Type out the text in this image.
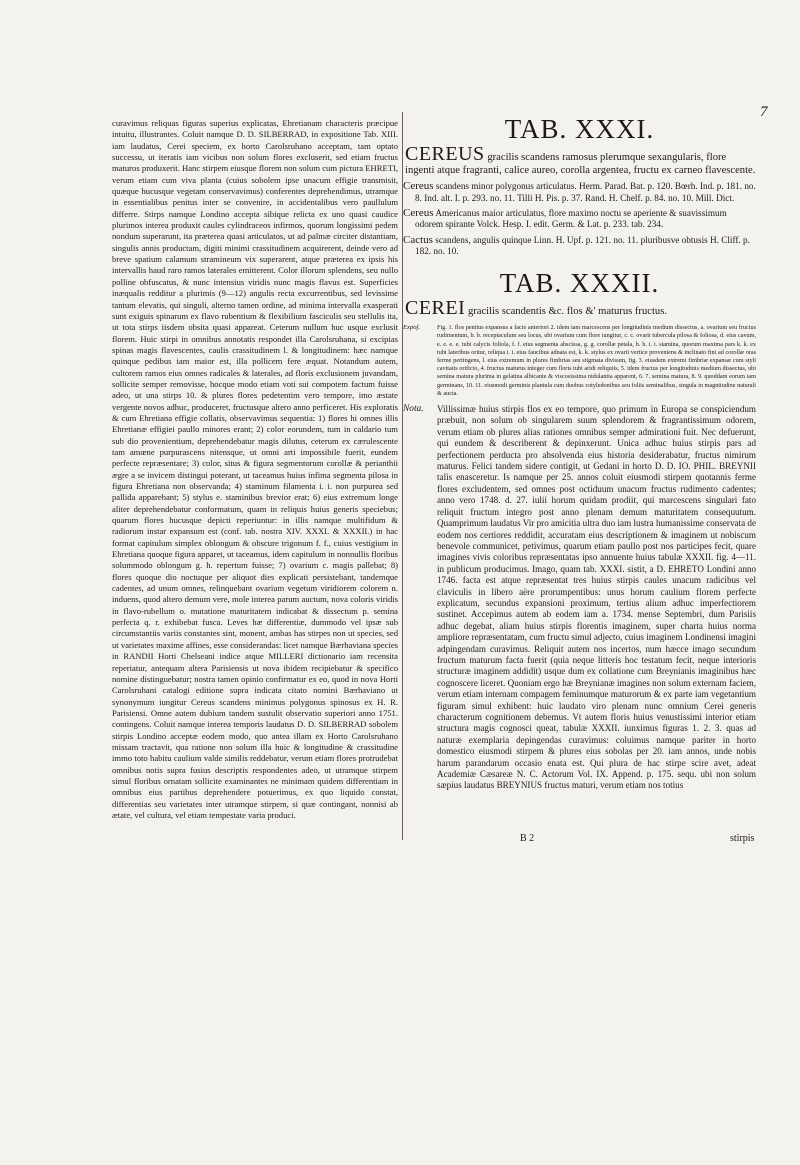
7

curavimus reliquas figuras superius explicatas, Ehretianam characteris præcipue intuitu, illustrantes. Coluit namque D. D. SILBERRAD, in expositione Tab. XIII. iam laudatus, Cerei speciem, ex horto Carolsruhano acceptam, tam optato successu, ut iteratis iam vicibus non solum flores excluserit, sed etiam fructus maturos produxerit. Hanc stirpem eiusque florem non solum cum pictura EHRETI, verum etiam cum viva planta (cuius sobolem ipse unacum effigie transmisit, quæque hucusque vegetam conservavimus) conferentes deprehendimus, utramque in essentialibus penitus inter se convenire, in accidentalibus vero paullulum differre. Stirps namque Londino accepta sibique relicta ex uno quasi caudice plurimos interea produxit caules cylindraceos infirmos, quorum longissimi pedem nondum superarunt, ita præterea quasi articulatos, ut ad palmæ circiter distantiam, singulis annis productam, digiti minimi crassitudinem acquirerent, deinde vero ad breve spatium calamum stramineum vix superarent, atque præterea ex ipsis his intervallis haud raro ramos laterales emitterent. Color illorum splendens, seu nullo polline obfuscatus, & nunc intensius viridis nunc magis flavus est. Superficies inæqualis redditur a plurimis (9—12) angulis recta excurrentibus, sed levissime tantum elevatis, qui singuli, alterno tamen ordine, ad minima intervalla exasperati sunt exiguis spinarum ex flavo rubentium & flexibilium fasciculis seu stellulis ita, ut tota stirps iisdem obsita quasi appareat. Ceterum nullum huc usque exclusit florem. Huic stirpi in omnibus annotatis respondet illa Carolsruhana, si excipias spinas magis flavescentes, caulis crassitudinem l. & longitudinem: hæc namque quinque pedibus iam maior est, illa pollicem fere æquat. Notandum autem, cultorem ramos eius omnes radicales & laterales, ad floris exclusionem juvandam, sollicite semper removisse, hocque modo etiam voti sui compotem factum fuisse adeo, ut una stirps 10. & plures flores pedetentim vero tempore, imo æstate vergente novos adhuc, produceret, fructusque altero anno perficeret. His exploratis & cum Ehretiana effigie collatis, observavimus sequentia: 1) flores hi omnes illis Ehretianæ effigiei paullo minores erant; 2) color eorundem, tum in caldario tum sub dio provenientium, deprehendebatur magis dilutus, ceterum ex cærulescente tam amœne purpurascens nitensque, ut omni arti impossibile fuerit, eundem perfecte repræsentare; 3) color, situs & figura segmentorum corollæ & perianthii ægre a se invicem distingui poterant, ut taceamus huius infima segmenta pilosa in figura Ehretiana non observanda; 4) staminum filamenta i. i. non purpurea sed pallida apparebant; 5) stylus e. staminibus brevior erat; 6) eius extremum longe aliter deprehendebatur conformatum, quam in reliquis huius generis speciebus; quarum flores hucusque depicti reperiuntur: in illis namque multifidum & radiorum instar expansum est (conf. tab. nostra XIV. XXXI. & XXXII.) in hac format capitulum simplex oblongum & obscure trigonum f. f., cuius vestigium in Ehretiana quoque figura apparet, ut taceamus, idem capitulum in nonnullis floribus solummodo oblongum g. h. repertum fuisse; 7) ovarium c. magis pallebat; 8) flores quoque dio noctuque per aliquot dies explicati persistebant, tandemque cadentes, ad unum omnes, relinquebant ovarium vegetum viridiorem colorem n. induens, quod altero demum vere, mole interea parum auctum, nova coloris viridis in flavo-rubellum o. mutatione maturitatem indicabat & dissectum p. semina perfecta q. r. exhibebat fusca. Leves hæ differentiæ, dummodo vel ipsæ sub circumstantiis variis constantes sint, monent, ambas has stirpes non ut species, sed ut varietates maxime affines, esse considerandas: licet namque Bærhaviana species in RANDII Horti Chelseani indice atque MILLERI dictionario iam recensita reperiatur, antequam altera Parisiensis ut nova ibidem recipiebatur & specifico nomine distinguebatur; nostra tamen opinio confirmatur ex eo, quod in nova Horti Carolsruhani catalogi editione supra indicata citato nomini Bærhaviano ut synonymum iungitur Cereus scandens minimus polygonus spinosus ex H. R. Parisiensi. Omne autem dubium tandem sustulit observatio superiori anno 1751. contingens. Coluit namque interea temporis laudatus D. D. SILBERRAD sobolem stirpis Londino acceptæ eodem modo, quo antea illam ex Horto Carolsruhano missam tractavit, qua ratione non solum illa huic & longitudine & crassitudine immo toto habitu caulium valde similis reddebatur, verum etiam flores protrudebat omnibus notis supra fusius descriptis respondentes adeo, ut utramque stirpem simul floribus ornatam sollicite examinantes ne minimam quidem differentiam in omnibus eius partibus deprehendere potuerimus, ex quo liquido constat, differentias seu varietates inter utramque stirpem, si quæ contingant, nonnisi ab ætate, vel cultura, vel etiam tempestate varia produci.

TAB. XXXI.

CEREUS gracilis scandens ramosus plerumque sexangularis, flore ingenti atque fragranti, calice aureo, corolla argentea, fructu ex carneo flavescente.

Cereus scandens minor polygonus articulatus. Herm. Parad. Bat. p. 120. Bœrh. Ind. p. 181. no. 8. Ind. alt. I. p. 293. no. 11. Tilli H. Pis. p. 37. Rand. H. Chelf. p. 84. no. 10. Mill. Dict.

Cereus Americanus maior articulatus, flore maximo noctu se aperiente & suavissimum odorem spirante Volck. Hesp. I. edit. Germ. & Lat. p. 233. tab. 234.

Cactus scandens, angulis quinque Linn. H. Upf. p. 121. no. 11. pluribusve obtusis H. Cliff. p. 182. no. 10.

TAB. XXXII.

CEREI gracilis scandentis &c. flos &' maturus fructus.

Expof.	Fig. 1. flos penitus expansus a facie anteriori 2. idem iam marcescens per longitudinis medium dissectus, a. ovarium seu fructus rudimentum, b. b. receptaculum seu locus, ubi ovarium cum flore iungitur, c. c. ovarii tubercula pilosa & foliosa, d. eius cavum, e. e. e. e. tubi calycis foliola, f. f. eius segmenta abscissa, g. g. corollæ petala, h. h. i. i. stamina, quorum maxima pars k. k. ex tubi lateribus oritur, reliqua i. i. eius faucibus adnata est, k. k. stylus ex ovarii vertice proveniens & inclinato fini ad corollæ oras ferme pertingens, l. eius extremum in plures fimbrias seu stigmata divisum, fig. 3. eiusdem extremi fimbriæ expansæ cum styli cavitatis orificio, 4. fructus maturus integer cum floris tubi aridi reliquiis, 5. idem fructus per longitudinis medium dissectus, ubi semina matura plurima in gelatina albicante & viscosissima nidulantia apparent, 6. 7. semina matura, 8. 9. quoddam eorum iam germinans, 10. 11. eiusmodi germinis plantula cum duobus cotyledonibus seu foliis seminalibus, singula in magnitudine naturali & aucta.
Nota. Villissimæ huius stirpis flos ex eo tempore, quo primum in Europa se conspiciendum præbuit, non solum ob singularem suum splendorem & fragrantissimum odorem, verum etiam ob plures alias rationes omnibus semper admirationi fuit. Nec defuerunt, qui eundem & describerent & depinxerunt. Unica adhuc huius stirpis pars ad perfectionem perducta pro absolvenda eius historia desiderabatur, fructus nimirum maturus. Felici tandem sidere contigit, ut Gedani in horto D. D. IO. PHIL. BREYNII talis enasceretur. Is namque per 25. annos coluit eiusmodi stirpem quotannis ferme flores excludentem, sed omnes post octiduum unacum fructus rudimento cadentes; anno vero 1748. d. 27. iulii horum quidam prodiit, qui marcescens singulari fato reliquit fructum integro post anno plenam demum maturitatem consequutum. Quamprimum laudatus Vir pro amicitia ultra duo iam lustra humanissime conservata de eodem nos certiores reddidit, accuratam eius descriptionem & imaginem ut nobiscum benevole communicet, petivimus, quarum etiam paullo post nos participes fecit, quare imagines vivis coloribus repræsentatas ipso annuente huius tabulæ XXXII. fig. 4—11. in publicum producimus. Imago, quam tab. XXXI. sistit, a D. EHRETO Londini anno 1746. facta est atque repræsentat tres huius stirpis caules unacum radicibus vel claviculis in libero aëre prorumpentibus: unus horum caulium florem perfecte explicatum, secundus expansioni proximum, tertius alium adhuc imperfectiorem sustinet. Accepimus autem ab eodem iam a. 1734. mense Septembri, dum Parisiis adhuc degebat, aliam huius stirpis florentis imaginem, super charta huius norma ampliore repræsentatam, cum fructu simul adjecto, cuius imaginem Londinensi imagini adpingendam curavimus. Reliquit autem nos incertos, num hæcce imago secundum fructum maturum facta fuerit (quia neque litteris hoc testatum fecit, neque interioris structuræ imaginem addidit) usque dum ex collatione cum Breynianis imaginibus hæc cognoscere liceret. Quoniam ergo hæ Breynianæ imagines non solum externam faciem, verum etiam internam compagem feminumque maturorum & ex parte iam vegetantium figuram simul exhibent: huic laudato viro plenam nunc omnium Cerei generis characterum cognitionem debemus. Vt autem floris huius venustissimi interior etiam structura magis cognosci queat, tabulæ XXXII. iunximus figuras 1. 2. 3. quas ad naturæ exemplaria depingendas curavimus: coluimus namque pariter in horto domestico eiusmodi stirpem & plures eius sobolas per 20. iam annos, unde nobis harum parandarum occasio enata est. Qui plura de hac stirpe scire avet, adeat Academiæ Cæsareæ N. C. Actorum Vol. IX. Append. p. 175. sequ. ubi non solum sæpius laudatus BREYNIUS fructus maturi, verum etiam nos totius
B 2	stirpis
